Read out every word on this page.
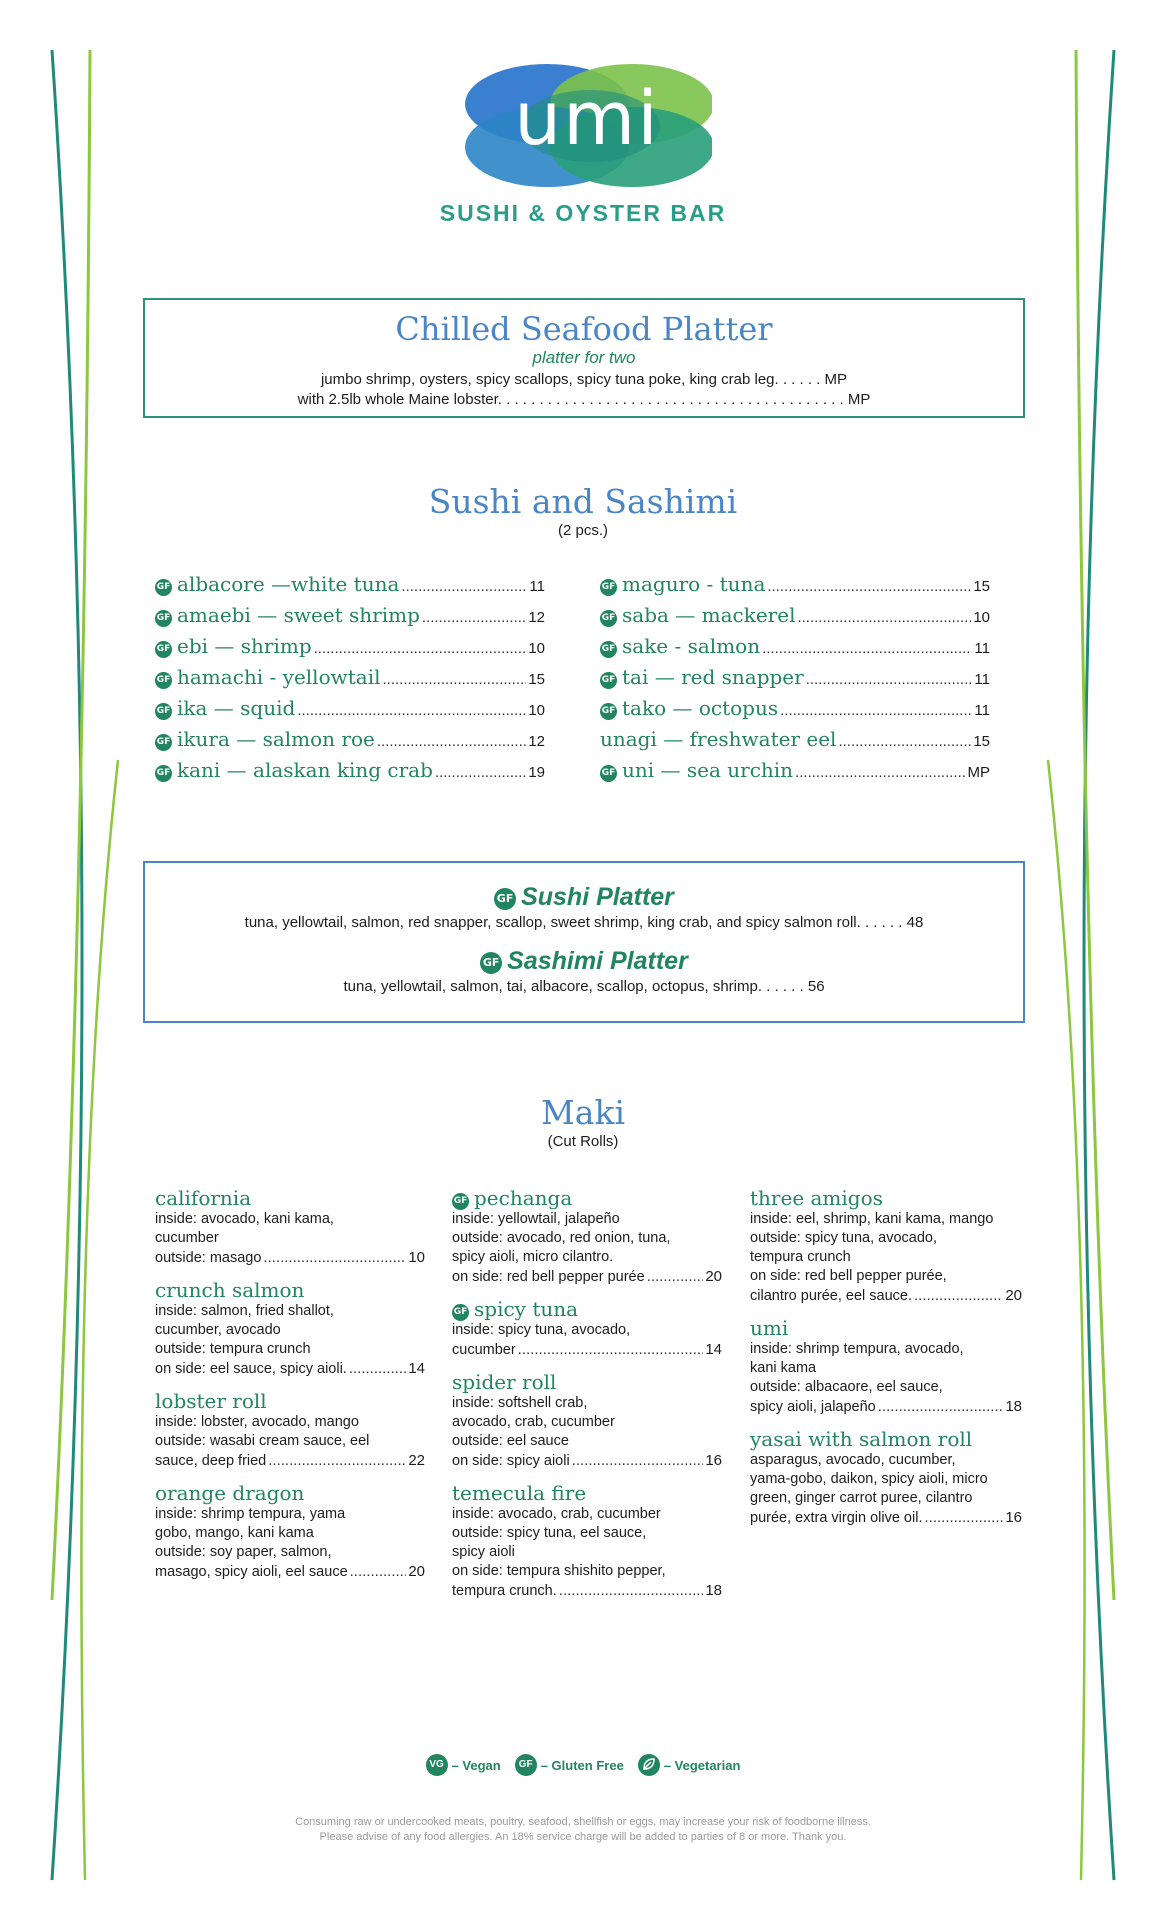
umi
SUSHI & OYSTER BAR
Chilled Seafood Platter
platter for two
jumbo shrimp, oysters, spicy scallops, spicy tuna poke, king crab leg. . . . . . MP
with 2.5lb whole Maine lobster. . . . . . . . . . . . . . . . . . . . . . . . . . . . . . . . . . . . . . . . . . MP
Sushi and Sashimi
(2 pcs.)
GF albacore —white tuna .....	11
GF amaebi — sweet shrimp .....	12
GF ebi — shrimp .....	10
GF hamachi - yellowtail .....	15
GF ika — squid .....	10
GF ikura — salmon roe .....	12
GF kani — alaskan king crab .....	19
GF maguro - tuna .....	15
GF saba — mackerel .....	10
GF sake - salmon .....	11
GF tai — red snapper .....	11
GF tako — octopus .....	11
unagi — freshwater eel .....	15
GF uni — sea urchin .....	MP
GF Sushi Platter
tuna, yellowtail, salmon, red snapper, scallop, sweet shrimp, king crab, and spicy salmon roll. . . . . . 48
GF Sashimi Platter
tuna, yellowtail, salmon, tai, albacore, scallop, octopus, shrimp. . . . . . 56
Maki
(Cut Rolls)
california
inside: avocado, kani kama,
cucumber
outside: masago .....	10
crunch salmon
inside: salmon, fried shallot,
cucumber, avocado
outside: tempura crunch
on side: eel sauce, spicy aioli. .....	14
lobster roll
inside: lobster, avocado, mango
outside: wasabi cream sauce, eel
sauce, deep fried .....	22
orange dragon
inside: shrimp tempura, yama
gobo, mango, kani kama
outside: soy paper, salmon,
masago, spicy aioli, eel sauce .....	20
GF pechanga
inside: yellowtail, jalapeño
outside: avocado, red onion, tuna,
spicy aioli, micro cilantro.
on side: red bell pepper purée .....	20
GF spicy tuna
inside: spicy tuna, avocado,
cucumber .....	14
spider roll
inside: softshell crab,
avocado, crab, cucumber
outside: eel sauce
on side: spicy aioli .....	16
temecula fire
inside: avocado, crab, cucumber
outside: spicy tuna, eel sauce,
spicy aioli
on side: tempura shishito pepper,
tempura crunch. .....	18
three amigos
inside: eel, shrimp, kani kama, mango
outside: spicy tuna, avocado,
tempura crunch
on side: red bell pepper purée,
cilantro purée, eel sauce. .....	20
umi
inside: shrimp tempura, avocado,
kani kama
outside: albacaore, eel sauce,
spicy aioli, jalapeño .....	18
yasai with salmon roll
asparagus, avocado, cucumber,
yama-gobo, daikon, spicy aioli, micro
green, ginger carrot puree, cilantro
purée, extra virgin olive oil. .....	16
VG – Vegan	GF – Gluten Free	– Vegetarian
Consuming raw or undercooked meats, poultry, seafood, shellfish or eggs, may increase your risk of foodborne illness.
Please advise of any food allergies. An 18% service charge will be added to parties of 8 or more. Thank you.
